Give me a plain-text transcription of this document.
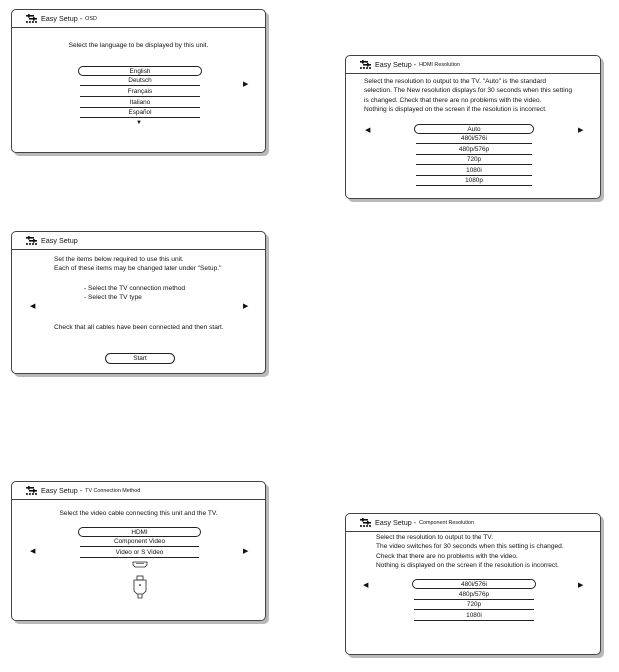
Easy Setup - OSD
Select the language to be displayed by this unit.
English
Deutsch
Français
Italiano
Español
▼
▶
Easy Setup - HDMI Resolution
Select the resolution to output to the TV. "Auto" is the standard
selection. The New resolution displays for 30 seconds when this setting
is changed. Check that there are no problems with the video.
Nothing is displayed on the screen if the resolution is incorrect.
◀	▶
Auto
480i/576i
480p/576p
720p
1080i
1080p
Easy Setup
Set the items below required to use this unit.
Each of these items may be changed later under "Setup."
- Select the TV connection method
- Select the TV type
◀	▶
Check that all cables have been connected and then start.
Start
Easy Setup - TV Connection Method
Select the video cable connecting this unit and the TV.
◀	▶
HDMI
Component Video
Video or S Video
Easy Setup - Component Resolution
Select the resolution to output to the TV.
The video switches for 30 seconds when this setting is changed.
Check that there are no problems with the video.
Nothing is displayed on the screen if the resolution is incorrect.
◀	▶
480i/576i
480p/576p
720p
1080i
